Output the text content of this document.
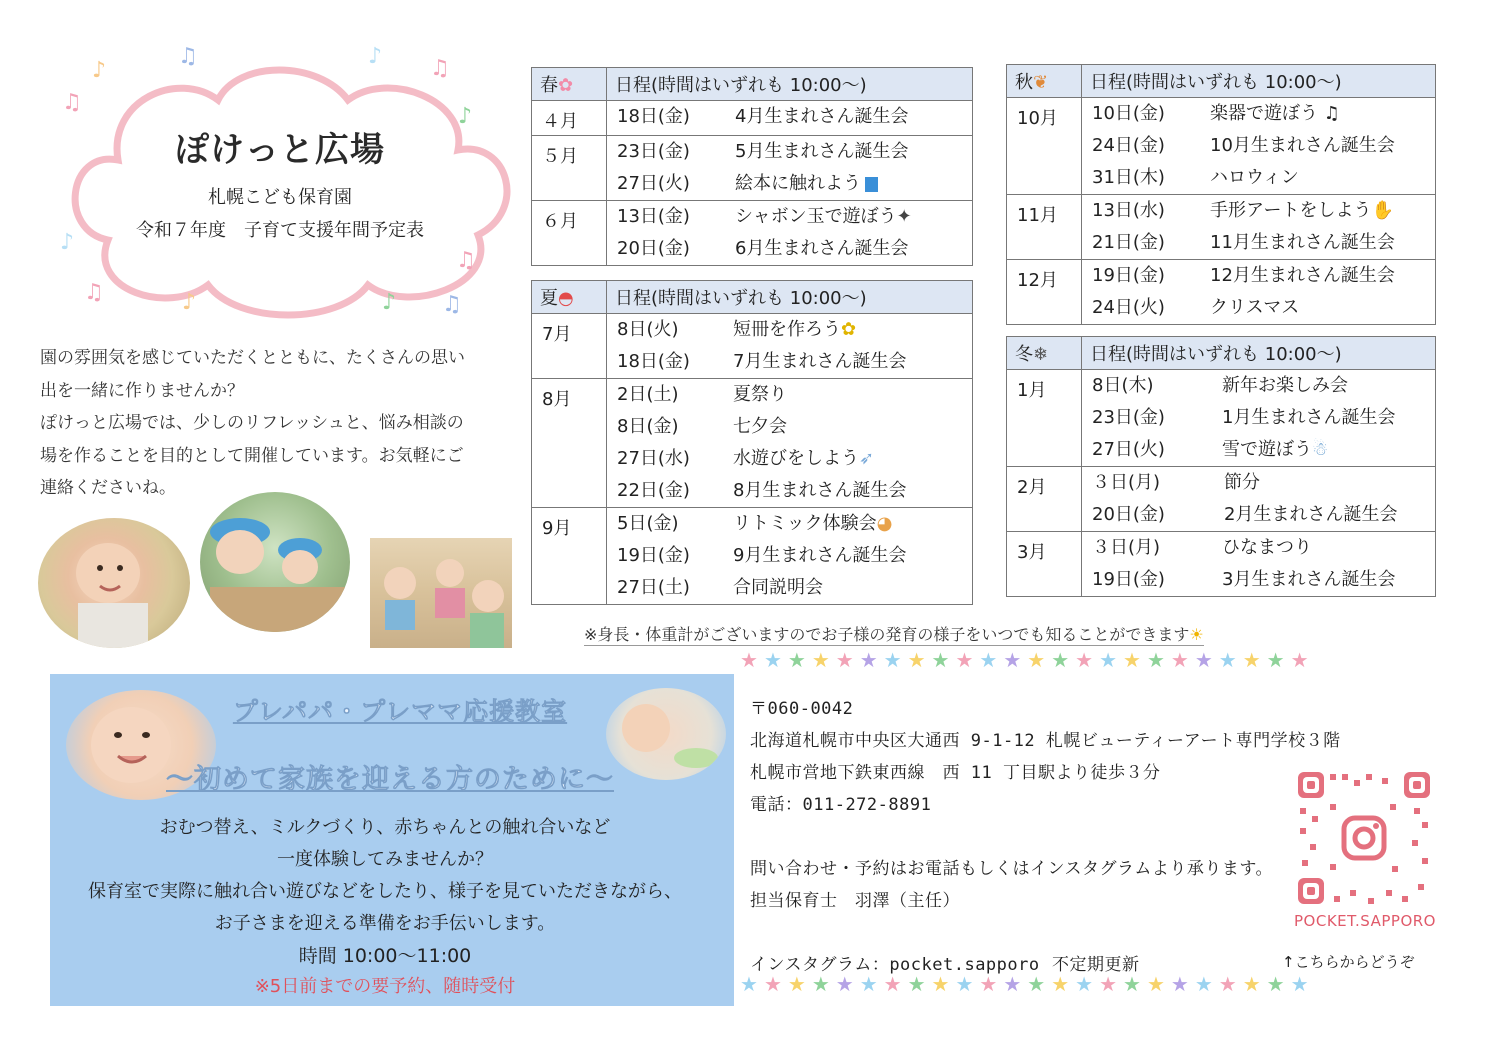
ぽけっと広場
札幌こども保育園
令和７年度　子育て支援年間予定表
♪
♫	♪ ♫
♫
♪
♪
♫
♫	♪	♪ ♫
園の雰囲気を感じていただくとともに、たくさんの思い
出を一緒に作りませんか？
ぽけっと広場では、少しのリフレッシュと、悩み相談の
場を作ることを目的として開催しています。お気軽にご
連絡くださいね。
春✿	日程(時間はいずれも 10:00～)
４月	18日(金) 4月生まれさん誕生会

５月	23日(金) 5月生まれさん誕生会
27日(火) 絵本に触れよう

６月	13日(金) シャボン玉で遊ぼう✦
20日(金) 6月生まれさん誕生会
夏◓	日程(時間はいずれも 10:00～)
7月	8日(火) 短冊を作ろう✿
18日(金) 7月生まれさん誕生会

8月	2日(土) 夏祭り
8日(金) 七夕会
27日(水) 水遊びをしよう➶
22日(金) 8月生まれさん誕生会

9月	5日(金) リトミック体験会◕
19日(金) 9月生まれさん誕生会
27日(土) 合同説明会
秋❦	日程(時間はいずれも 10:00～)
10月	10日(金) 楽器で遊ぼう ♫
24日(金) 10月生まれさん誕生会
31日(木) ハロウィン

11月	13日(水) 手形アートをしよう✋
21日(金) 11月生まれさん誕生会

12月	19日(金) 12月生まれさん誕生会
24日(火) クリスマス
冬❄	日程(時間はいずれも 10:00～)
1月	8日(木) 新年お楽しみ会
23日(金) 1月生まれさん誕生会
27日(火) 雪で遊ぼう☃

2月	３日(月) 節分
20日(金) 2月生まれさん誕生会

3月	３日(月) ひなまつり
19日(金) 3月生まれさん誕生会
※身長・体重計がございますのでお子様の発育の様子をいつでも知ることができます☀
★★★★★★★★★★★★★★★★★★★★★★★★
★★★★★★★★★★★★★★★★★★★★★★★★
プレパパ・プレママ応援教室
～初めて家族を迎える方のために～
おむつ替え、ミルクづくり、赤ちゃんとの触れ合いなど
一度体験してみませんか？
保育室で実際に触れ合い遊びなどをしたり、様子を見ていただきながら、
お子さまを迎える準備をお手伝いします。
時間 10:00～11:00
※5日前までの要予約、随時受付
〒060-0042
北海道札幌市中央区大通西 9-1-12 札幌ビューティーアート専門学校３階
札幌市営地下鉄東西線　西 11 丁目駅より徒歩３分
電話：011-272-8891
問い合わせ・予約はお電話もしくはインスタグラムより承ります。
担当保育士　羽澤（主任）
インスタグラム：pocket.sapporo 不定期更新
POCKET.SAPPORO
↑こちらからどうぞ
